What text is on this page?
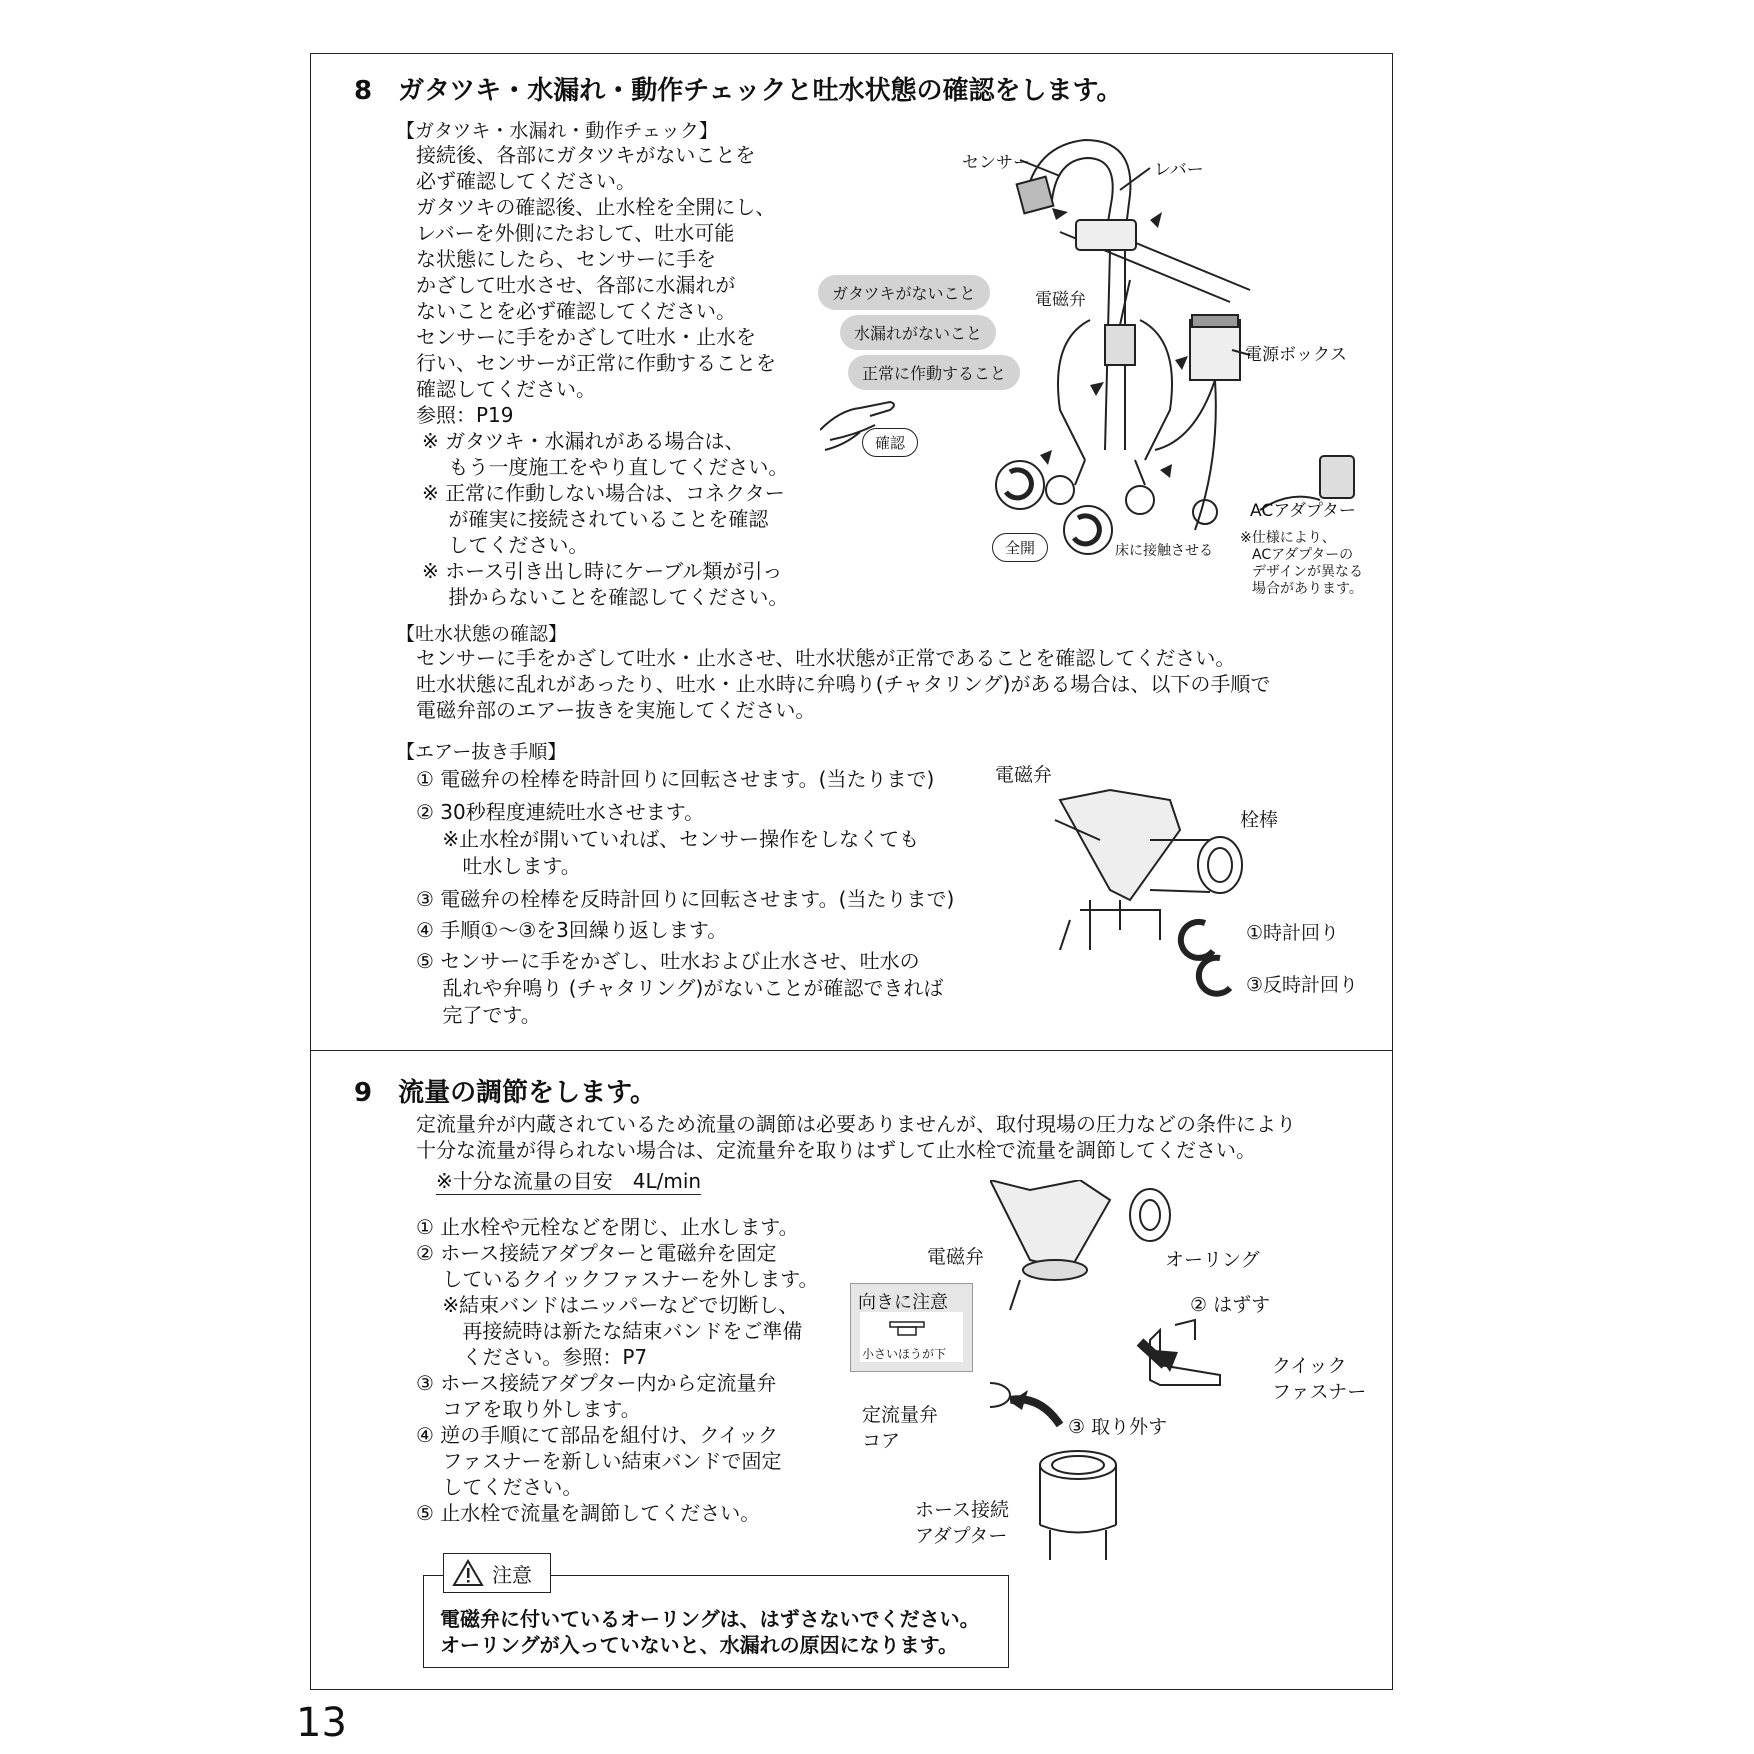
8　ガタツキ・水漏れ・動作チェックと吐水状態の確認をします。
【ガタツキ・水漏れ・動作チェック】
接続後、各部にガタツキがないことを
必ず確認してください。
ガタツキの確認後、止水栓を全開にし、
レバーを外側にたおして、吐水可能
な状態にしたら、センサーに手を
かざして吐水させ、各部に水漏れが
ないことを必ず確認してください。
センサーに手をかざして吐水・止水を
行い、センサーが正常に作動することを
確認してください。
参照：P19
※ ガタツキ・水漏れがある場合は、
　 もう一度施工をやり直してください。
※ 正常に作動しない場合は、コネクター
　 が確実に接続されていることを確認
　 してください。
※ ホース引き出し時にケーブル類が引っ
　 掛からないことを確認してください。
ガタツキがないこと
水漏れがないこと
正常に作動すること
確認
全開
センサー	レバー
電磁弁
電源ボックス
ACアダプター
床に接触させる
※仕様により、
ACアダプターの
デザインが異なる
場合があります。
【吐水状態の確認】
センサーに手をかざして吐水・止水させ、吐水状態が正常であることを確認してください。
吐水状態に乱れがあったり、吐水・止水時に弁鳴り(チャタリング)がある場合は、以下の手順で
電磁弁部のエアー抜きを実施してください。
【エアー抜き手順】
① 電磁弁の栓棒を時計回りに回転させます。(当たりまで)
② 30秒程度連続吐水させます。
　 ※止水栓が開いていれば、センサー操作をしなくても
　 　吐水します。
③ 電磁弁の栓棒を反時計回りに回転させます。(当たりまで)
④ 手順①～③を3回繰り返します。
⑤ センサーに手をかざし、吐水および止水させ、吐水の
　 乱れや弁鳴り (チャタリング)がないことが確認できれば
　 完了です。
電磁弁
栓棒
①時計回り
③反時計回り
9　流量の調節をします。
定流量弁が内蔵されているため流量の調節は必要ありませんが、取付現場の圧力などの条件により
十分な流量が得られない場合は、定流量弁を取りはずして止水栓で流量を調節してください。
※十分な流量の目安　4L/min
① 止水栓や元栓などを閉じ、止水します。
② ホース接続アダプターと電磁弁を固定
　 しているクイックファスナーを外します。
　 ※結束バンドはニッパーなどで切断し、
　 　再接続時は新たな結束バンドをご準備
　 　ください。参照：P7
③ ホース接続アダプター内から定流量弁
　 コアを取り外します。
④ 逆の手順にて部品を組付け、クイック
　 ファスナーを新しい結束バンドで固定
　 してください。
⑤ 止水栓で流量を調節してください。
電磁弁	オーリング
② はずす
クイック
ファスナー
向きに注意
小さいほうが下
定流量弁
コア
③ 取り外す
ホース接続
アダプター
注意
電磁弁に付いているオーリングは、はずさないでください。
オーリングが入っていないと、水漏れの原因になります。
13
